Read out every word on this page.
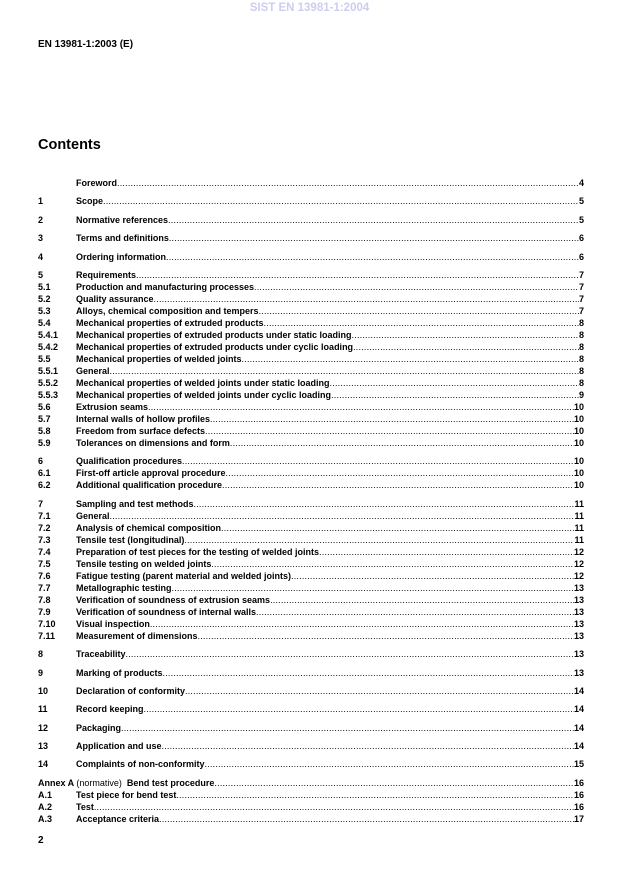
SIST EN 13981-1:2004
EN 13981-1:2003 (E)
Contents
Foreword .....	4
1	Scope .....	5
2	Normative references .....	5
3	Terms and definitions .....	6
4	Ordering information .....	6
5	Requirements .....	7
5.1	Production and manufacturing processes .....	7
5.2	Quality assurance .....	7
5.3	Alloys, chemical composition and tempers .....	7
5.4	Mechanical properties of extruded products .....	8
5.4.1	Mechanical properties of extruded products under static loading .....	8
5.4.2	Mechanical properties of extruded products under cyclic loading .....	8
5.5	Mechanical properties of welded joints .....	8
5.5.1	General .....	8
5.5.2	Mechanical properties of welded joints under static loading .....	8
5.5.3	Mechanical properties of welded joints under cyclic loading .....	9
5.6	Extrusion seams .....	10
5.7	Internal walls of hollow profiles .....	10
5.8	Freedom from surface defects .....	10
5.9	Tolerances on dimensions and form .....	10
6	Qualification procedures .....	10
6.1	First-off article approval procedure .....	10
6.2	Additional qualification procedure .....	10
7	Sampling and test methods .....	11
7.1	General .....	11
7.2	Analysis of chemical composition .....	11
7.3	Tensile test (longitudinal) .....	11
7.4	Preparation of test pieces for the testing of welded joints .....	12
7.5	Tensile testing on welded joints .....	12
7.6	Fatigue testing (parent material and welded joints) .....	12
7.7	Metallographic testing .....	13
7.8	Verification of soundness of extrusion seams .....	13
7.9	Verification of soundness of internal walls .....	13
7.10	Visual inspection .....	13
7.11	Measurement of dimensions .....	13
8	Traceability .....	13
9	Marking of products .....	13
10	Declaration of conformity .....	14
11	Record keeping .....	14
12	Packaging .....	14
13	Application and use .....	14
14	Complaints of non-conformity .....	15
Annex A (normative) Bend test procedure .....	16
A.1	Test piece for bend test .....	16
A.2	Test .....	16
A.3	Acceptance criteria .....	17
2
